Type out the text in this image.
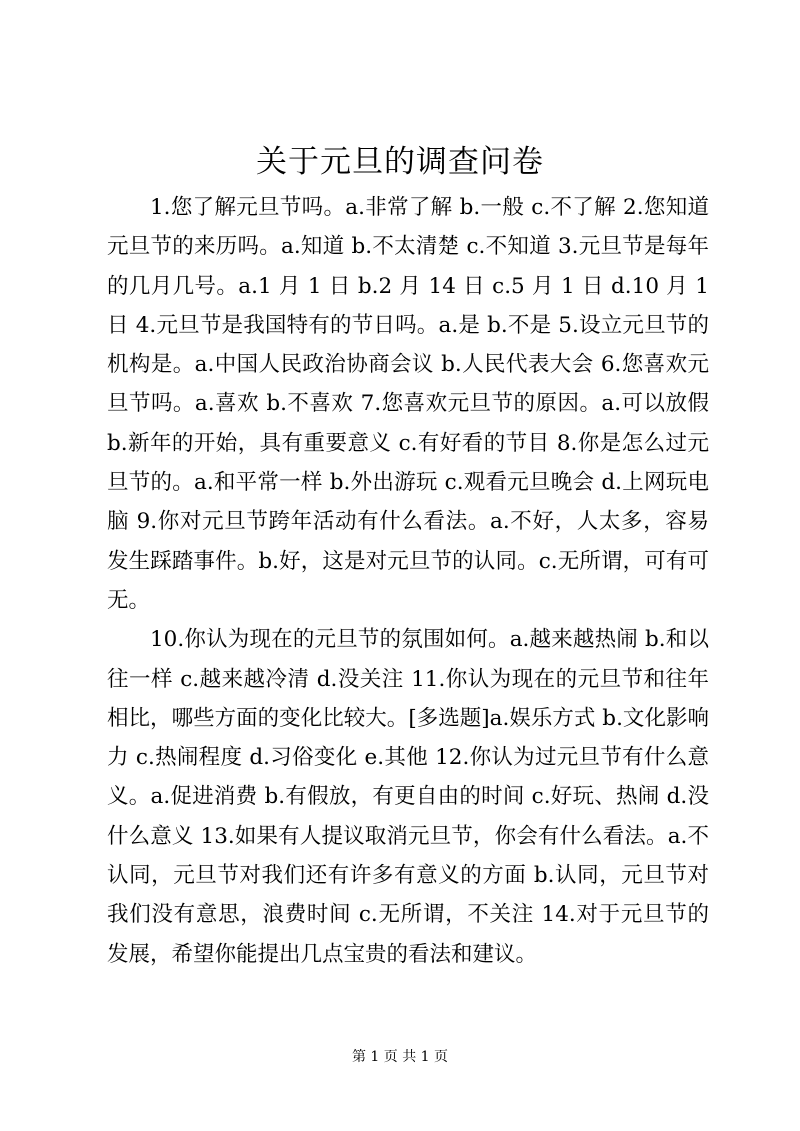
关于元旦的调查问卷

1.您了解元旦节吗。a.非常了解 b.一般 c.不了解 2.您知道元旦节的来历吗。a.知道 b.不太清楚 c.不知道 3.元旦节是每年的几月几号。a.1 月 1 日 b.2 月 14 日 c.5 月 1 日 d.10 月 1 日 4.元旦节是我国特有的节日吗。a.是 b.不是 5.设立元旦节的机构是。a.中国人民政治协商会议 b.人民代表大会 6.您喜欢元旦节吗。a.喜欢 b.不喜欢 7.您喜欢元旦节的原因。a.可以放假 b.新年的开始，具有重要意义 c.有好看的节目 8.你是怎么过元旦节的。a.和平常一样 b.外出游玩 c.观看元旦晚会 d.上网玩电脑 9.你对元旦节跨年活动有什么看法。a.不好，人太多，容易发生踩踏事件。b.好，这是对元旦节的认同。c.无所谓，可有可无。

10.你认为现在的元旦节的氛围如何。a.越来越热闹 b.和以往一样 c.越来越冷清 d.没关注 11.你认为现在的元旦节和往年相比，哪些方面的变化比较大。[多选题]a.娱乐方式 b.文化影响力 c.热闹程度 d.习俗变化 e.其他 12.你认为过元旦节有什么意义。a.促进消费 b.有假放，有更自由的时间 c.好玩、热闹 d.没什么意义 13.如果有人提议取消元旦节，你会有什么看法。a.不认同，元旦节对我们还有许多有意义的方面 b.认同，元旦节对我们没有意思，浪费时间 c.无所谓，不关注 14.对于元旦节的发展，希望你能提出几点宝贵的看法和建议。

第 1 页 共 1 页
